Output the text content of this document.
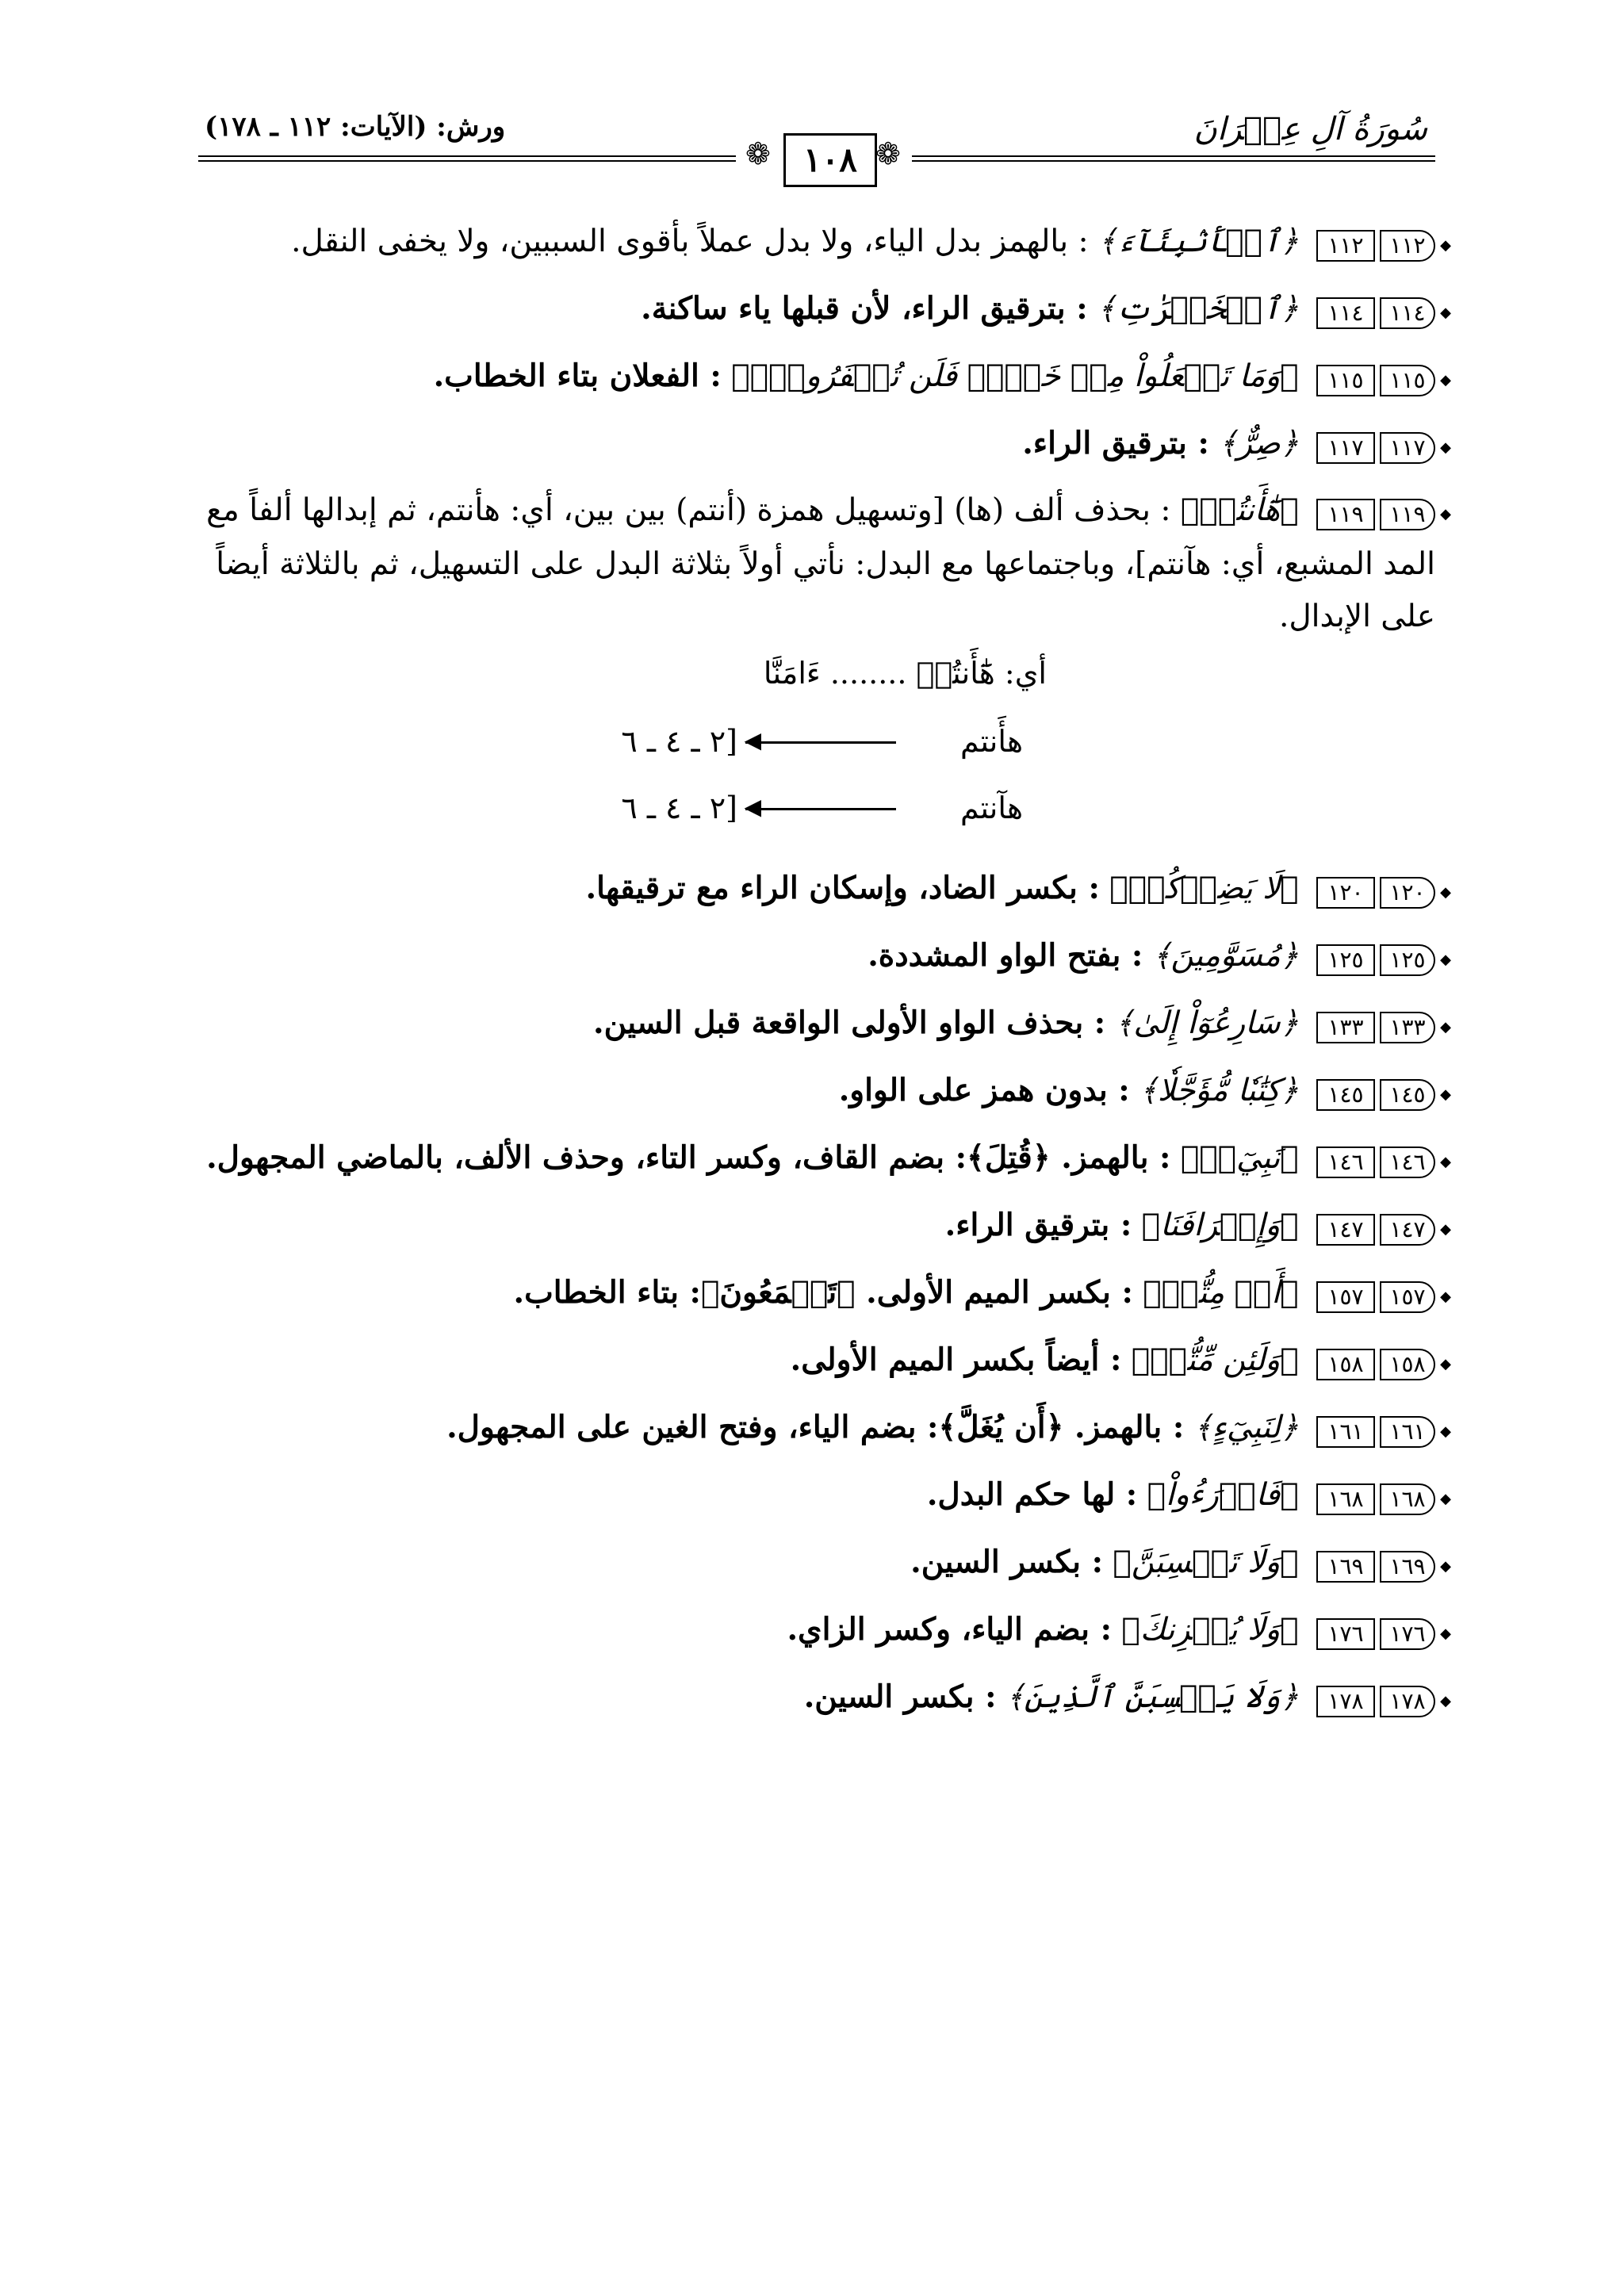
سُورَةُ آلِ عِمۡرَانَ
ورش: (الآيات: ١١٢ ـ ١٧٨)
❁ ١٠٨ ❁
١١٢ ١١٢ ◆ ﴿ٱلۡأَنۢبِئَآءَ﴾ : بالهمز بدل الياء، ولا بدل عملاً بأقوى السببين، ولا يخفى النقل.
١١٤ ١١٤ ◆ ﴿ٱلۡخَيۡرَٰتِ﴾ : بترقيق الراء، لأن قبلها ياء ساكنة.
١١٥ ١١٥ ◆ ﴿وَمَا تَفۡعَلُواْ مِنۡ خَيۡرٖ فَلَن تُكۡفَرُوهُۗ﴾ : الفعلان بتاء الخطاب.
١١٧ ١١٧ ◆ ﴿صِرٌّ﴾ : بترقيق الراء.
١١٩ ١١٩ ◆ ﴿هَٰٓأَنتُمۡ﴾ : بحذف ألف (ها) [وتسهيل همزة (أنتم) بين بين، أي: هأنتم، ثم إبدالها ألفاً مع المد المشبع، أي: هآنتم]، وباجتماعها مع البدل: نأتي أولاً بثلاثة البدل على التسهيل، ثم بالثلاثة أيضاً على الإبدال.
أي: هَٰٓأَنتُمۡ ........ ءَامَنَّا
هأَنتم
◀
[٢ ـ ٤ ـ ٦
هآنتم
◀
[٢ ـ ٤ ـ ٦
١٢٠ ١٢٠ ◆ ﴿لَا يَضِرۡكُمۡ﴾ : بكسر الضاد، وإسكان الراء مع ترقيقها.
١٢٥ ١٢٥ ◆ ﴿مُسَوَّمِينَ﴾ : بفتح الواو المشددة.
١٣٣ ١٣٣ ◆ ﴿سَارِعُوٓاْ إِلَىٰ﴾ : بحذف الواو الأولى الواقعة قبل السين.
١٤٥ ١٤٥ ◆ ﴿كِتَٰبٗا مُّؤَجَّلٗا﴾ : بدون همز على الواو.
١٤٦ ١٤٦ ◆ ﴿نَبِيٓءٖ﴾ : بالهمز. ﴿قُتِلَ﴾: بضم القاف، وكسر التاء، وحذف الألف، بالماضي المجهول.
١٤٧ ١٤٧ ◆ ﴿وَإِسۡرَافَنَا﴾ : بترقيق الراء.
١٥٧ ١٥٧ ◆ ﴿أَوۡ مِتُّمۡ﴾ : بكسر الميم الأولى. ﴿تَجۡمَعُونَ﴾: بتاء الخطاب.
١٥٨ ١٥٨ ◆ ﴿وَلَئِن مِّتُّمۡ﴾ : أيضاً بكسر الميم الأولى.
١٦١ ١٦١ ◆ ﴿لِنَبِيٓءٍ﴾ : بالهمز. ﴿أَن يُغَلَّ﴾: بضم الياء، وفتح الغين على المجهول.
١٦٨ ١٦٨ ◆ ﴿فَادۡرَءُواْ﴾ : لها حكم البدل.
١٦٩ ١٦٩ ◆ ﴿وَلَا تَحۡسِبَنَّ﴾ : بكسر السين.
١٧٦ ١٧٦ ◆ ﴿وَلَا يُحۡزِنكَ﴾ : بضم الياء، وكسر الزاي.
١٧٨ ١٧٨ ◆ ﴿وَلَا يَحۡسِبَنَّ ٱلَّذِينَ﴾ : بكسر السين.
